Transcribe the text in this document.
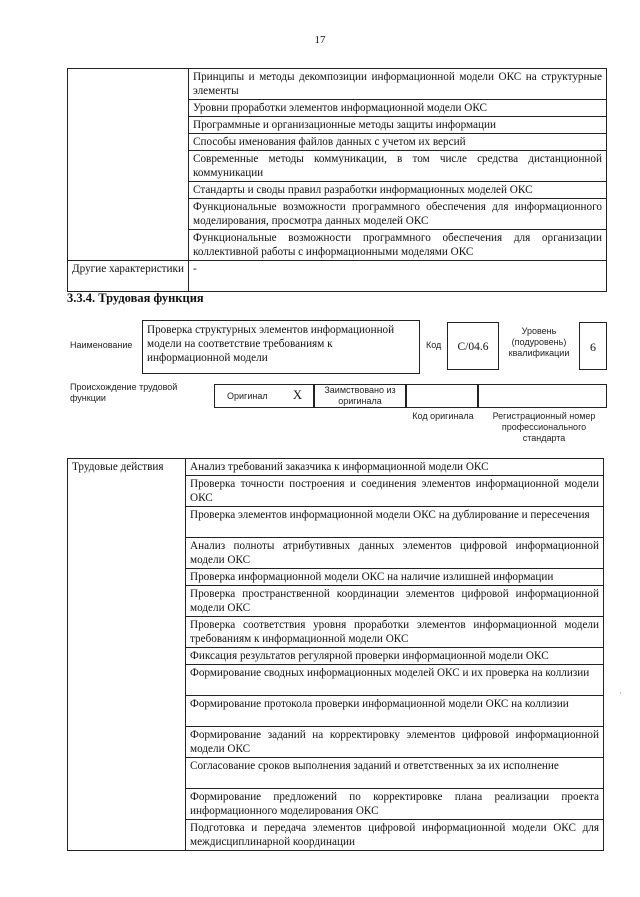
17
	Принципы и методы декомпозиции информационной модели ОКС на структурные элементы
	Уровни проработки элементов информационной модели ОКС
	Программные и организационные методы защиты информации
	Способы именования файлов данных с учетом их версий
	Современные методы коммуникации, в том числе средства дистанционной коммуникации
	Стандарты и своды правил разработки информационных моделей ОКС
	Функциональные возможности программного обеспечения для информационного моделирования, просмотра данных моделей ОКС
	Функциональные возможности программного обеспечения для организации коллективной работы с информационными моделями ОКС
Другие характеристики	-
3.3.4. Трудовая функция
Наименование
Проверка структурных элементов информационной модели на соответствие требованиям к информационной модели
Код	С/04.6
Уровень (подуровень) квалификации	6
Происхождение трудовой функции	Оригинал X	Заимствовано из оригинала
Код оригинала	Регистрационный номер профессионального стандарта
Трудовые действия	Анализ требований заказчика к информационной модели ОКС
Проверка точности построения и соединения элементов информационной модели ОКС
Проверка элементов информационной модели ОКС на дублирование и пересечения
Анализ полноты атрибутивных данных элементов цифровой информационной модели ОКС
Проверка информационной модели ОКС на наличие излишней информации
Проверка пространственной координации элементов цифровой информационной модели ОКС
Проверка соответствия уровня проработки элементов информационной модели требованиям к информационной модели ОКС
Фиксация результатов регулярной проверки информационной модели ОКС
Формирование сводных информационных моделей ОКС и их проверка на коллизии
Формирование протокола проверки информационной модели ОКС на коллизии
Формирование заданий на корректировку элементов цифровой информационной модели ОКС
Согласование сроков выполнения заданий и ответственных за их исполнение
Формирование предложений по корректировке плана реализации проекта информационного моделирования ОКС
Подготовка и передача элементов цифровой информационной модели ОКС для междисциплинарной координации
·
